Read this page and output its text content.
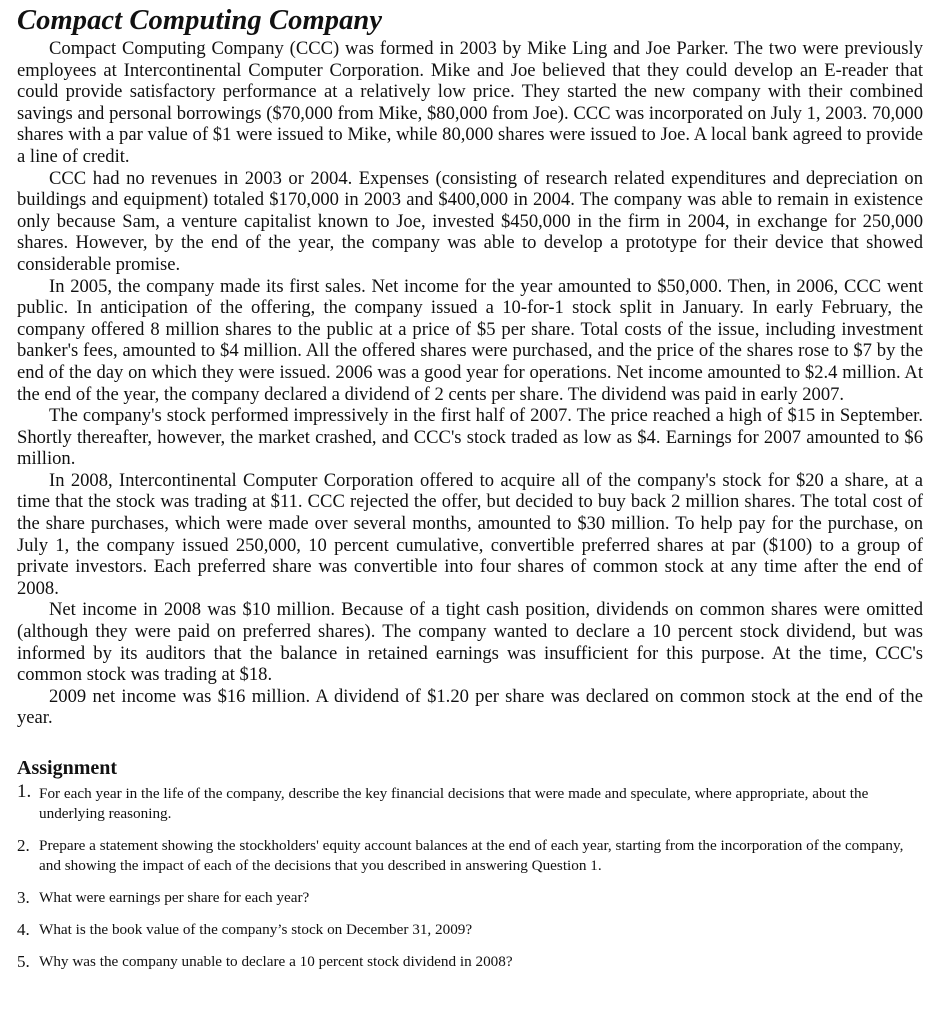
Compact Computing Company

Compact Computing Company (CCC) was formed in 2003 by Mike Ling and Joe Parker. The two were previously employees at Intercontinental Computer Corporation. Mike and Joe believed that they could develop an E-reader that could provide satisfactory performance at a relatively low price. They started the new company with their combined savings and personal borrowings ($70,000 from Mike, $80,000 from Joe). CCC was incorporated on July 1, 2003. 70,000 shares with a par value of $1 were issued to Mike, while 80,000 shares were issued to Joe. A local bank agreed to provide a line of credit.

CCC had no revenues in 2003 or 2004. Expenses (consisting of research related expenditures and depreciation on buildings and equipment) totaled $170,000 in 2003 and $400,000 in 2004. The company was able to remain in existence only because Sam, a venture capitalist known to Joe, invested $450,000 in the firm in 2004, in exchange for 250,000 shares. However, by the end of the year, the company was able to develop a prototype for their device that showed considerable promise.

In 2005, the company made its first sales. Net income for the year amounted to $50,000. Then, in 2006, CCC went public. In anticipation of the offering, the company issued a 10-for-1 stock split in January. In early February, the company offered 8 million shares to the public at a price of $5 per share. Total costs of the issue, including investment banker's fees, amounted to $4 million. All the offered shares were purchased, and the price of the shares rose to $7 by the end of the day on which they were issued. 2006 was a good year for operations. Net income amounted to $2.4 million. At the end of the year, the company declared a dividend of 2 cents per share. The dividend was paid in early 2007.

The company's stock performed impressively in the first half of 2007. The price reached a high of $15 in September. Shortly thereafter, however, the market crashed, and CCC's stock traded as low as $4. Earnings for 2007 amounted to $6 million.

In 2008, Intercontinental Computer Corporation offered to acquire all of the company's stock for $20 a share, at a time that the stock was trading at $11. CCC rejected the offer, but decided to buy back 2 million shares. The total cost of the share purchases, which were made over several months, amounted to $30 million. To help pay for the purchase, on July 1, the company issued 250,000, 10 percent cumulative, convertible preferred shares at par ($100) to a group of private investors. Each preferred share was convertible into four shares of common stock at any time after the end of 2008.

Net income in 2008 was $10 million. Because of a tight cash position, dividends on common shares were omitted (although they were paid on preferred shares). The company wanted to declare a 10 percent stock dividend, but was informed by its auditors that the balance in retained earnings was insufficient for this purpose. At the time, CCC's common stock was trading at $18.

2009 net income was $16 million. A dividend of $1.20 per share was declared on common stock at the end of the year.

Assignment
1. For each year in the life of the company, describe the key financial decisions that were made and speculate, where appropriate, about the underlying reasoning.
2. Prepare a statement showing the stockholders' equity account balances at the end of each year, starting from the incorporation of the company, and showing the impact of each of the decisions that you described in answering Question 1.
3. What were earnings per share for each year?
4. What is the book value of the company’s stock on December 31, 2009?
5. Why was the company unable to declare a 10 percent stock dividend in 2008?
